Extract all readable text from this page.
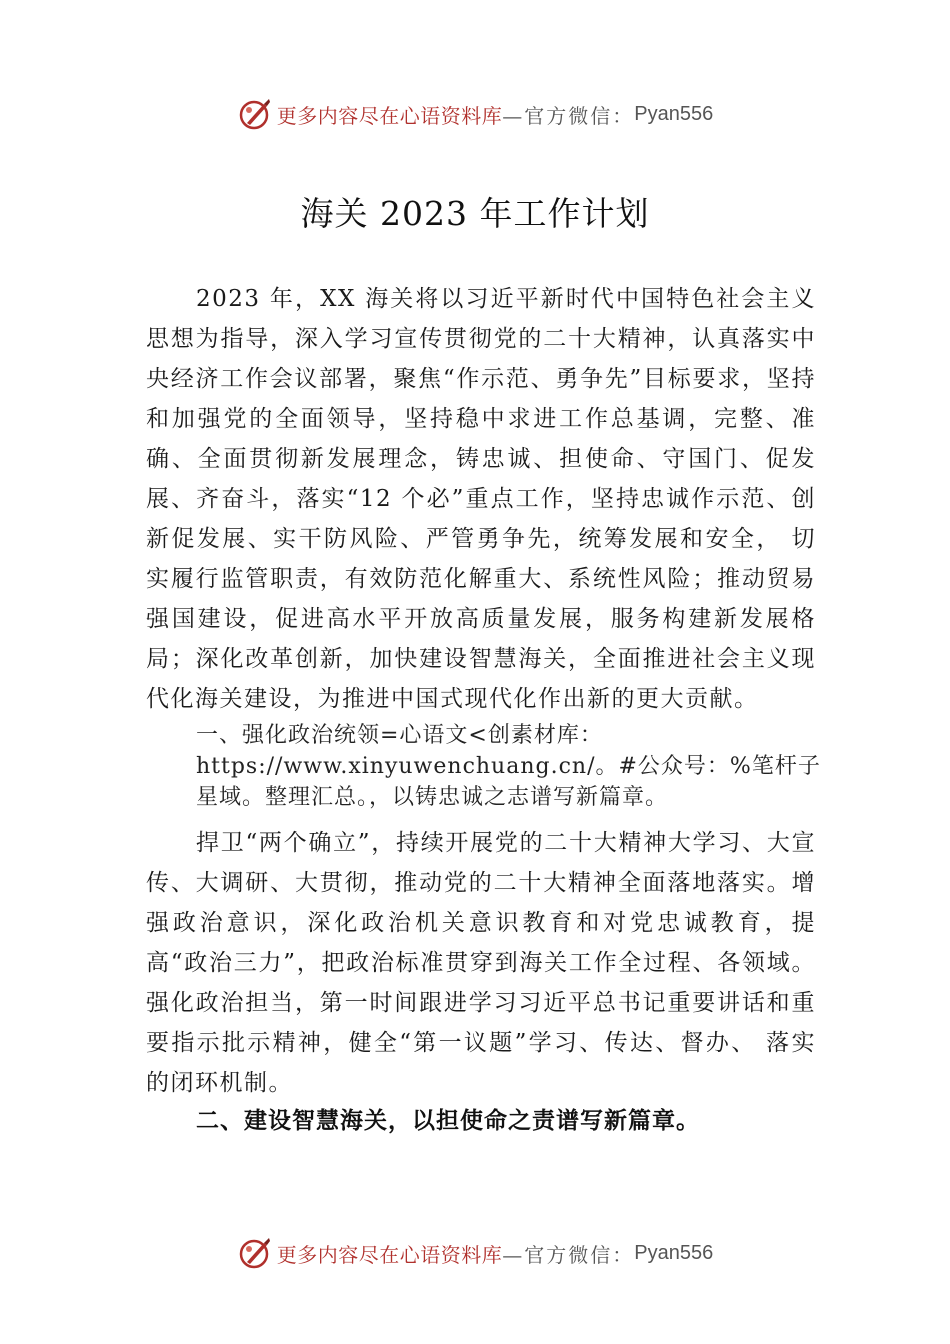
更多内容尽在心语资料库 —官方微信： Pyan556
海关 2023 年工作计划
2023 年，XX 海关将以习近平新时代中国特色社会主义思想为指导，深入学习宣传贯彻党的二十大精神，认真落实中央经济工作会议部署，聚焦“作示范、勇争先”目标要求，坚持和加强党的全面领导，坚持稳中求进工作总基调，完整、准确、全面贯彻新发展理念，铸忠诚、担使命、守国门、促发展、齐奋斗，落实“12 个必”重点工作，坚持忠诚作示范、创新促发展、实干防风险、严管勇争先，统筹发展和安全， 切实履行监管职责，有效防范化解重大、系统性风险；推动贸易强国建设，促进高水平开放高质量发展，服务构建新发展格局；深化改革创新，加快建设智慧海关，全面推进社会主义现代化海关建设，为推进中国式现代化作出新的更大贡献。
一、强化政治统领=心语文<创素材库：https://www.xinyuwenchuang.cn/。#公众号：%笔杆子星域。整理汇总。，以铸忠诚之志谱写新篇章。
捍卫“两个确立”，持续开展党的二十大精神大学习、大宣传、大调研、大贯彻，推动党的二十大精神全面落地落实。增强政治意识，深化政治机关意识教育和对党忠诚教育，提高“政治三力”，把政治标准贯穿到海关工作全过程、各领域。强化政治担当，第一时间跟进学习习近平总书记重要讲话和重要指示批示精神，健全“第一议题”学习、传达、督办、 落实的闭环机制。
二、建设智慧海关，以担使命之责谱写新篇章。
更多内容尽在心语资料库 —官方微信： Pyan556
